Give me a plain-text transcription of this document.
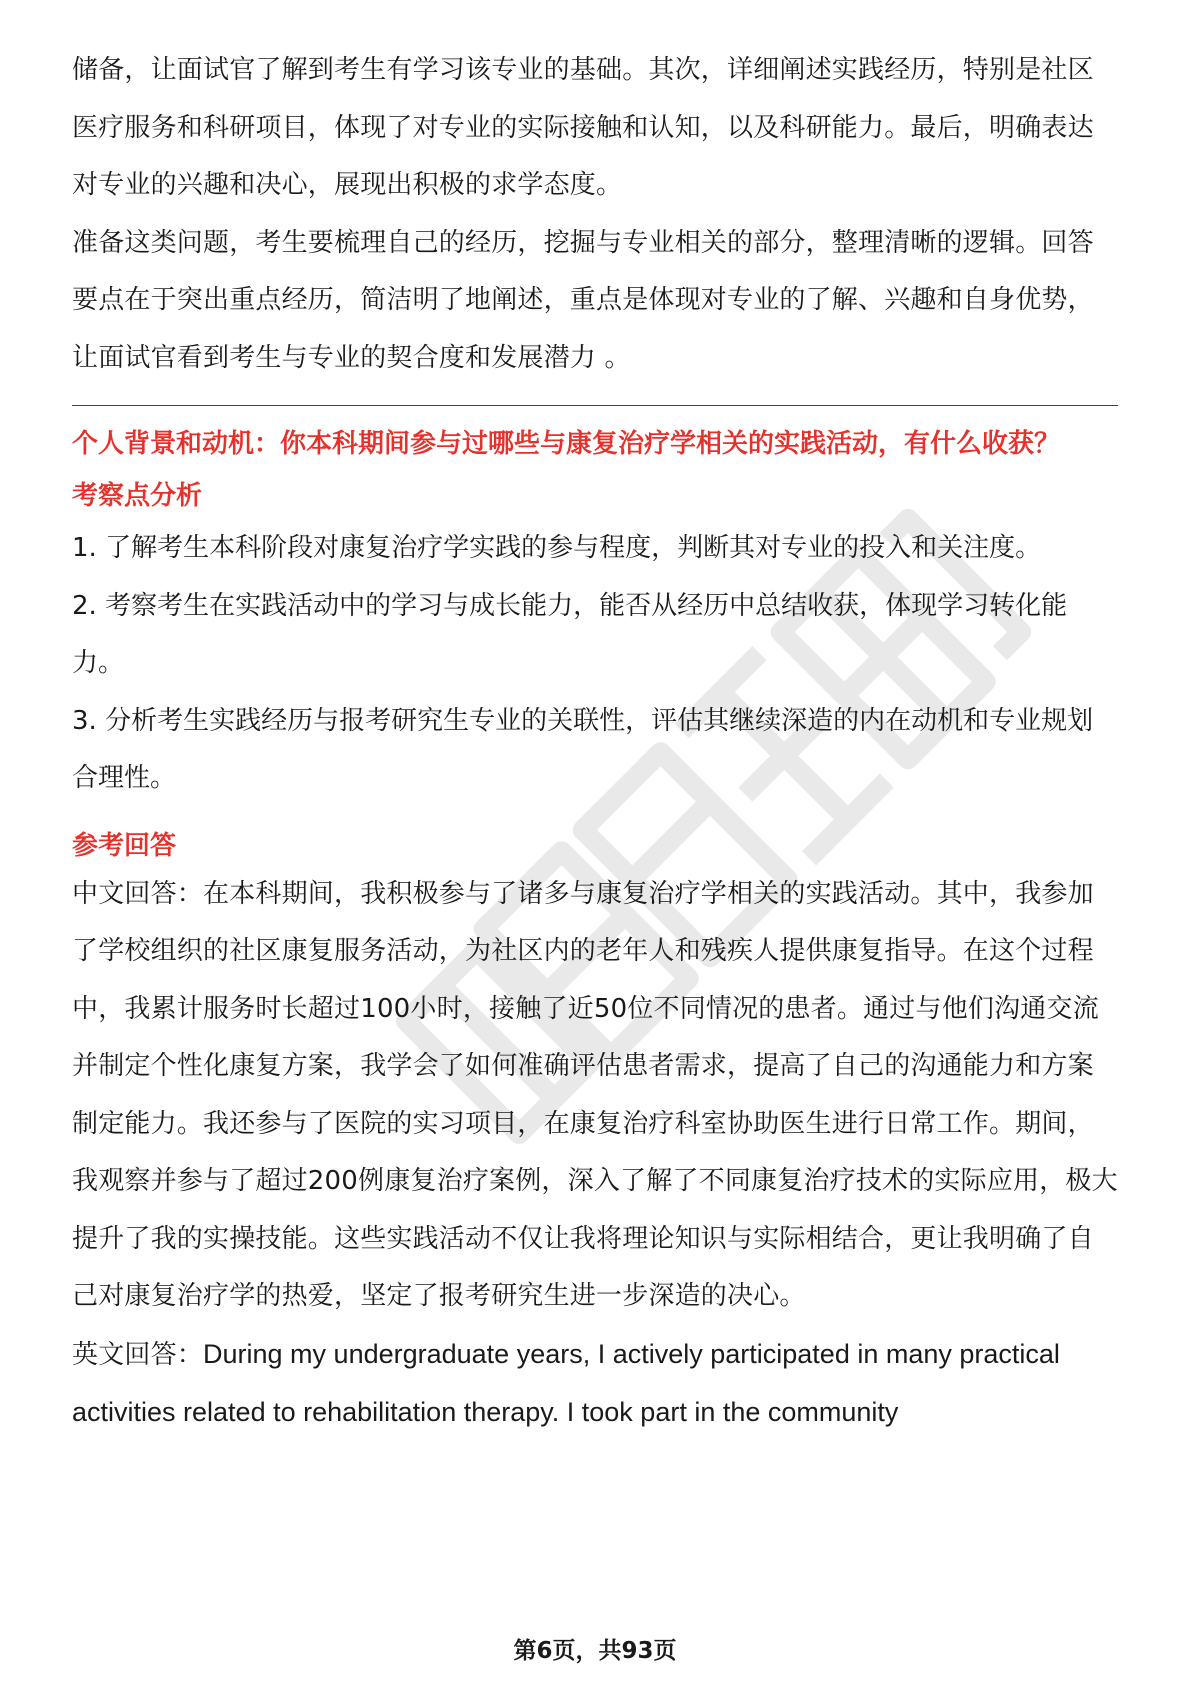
储备，让面试官了解到考生有学习该专业的基础。其次，详细阐述实践经历，特别是社区医疗服务和科研项目，体现了对专业的实际接触和认知，以及科研能力。最后，明确表达对专业的兴趣和决心，展现出积极的求学态度。

准备这类问题，考生要梳理自己的经历，挖掘与专业相关的部分，整理清晰的逻辑。回答要点在于突出重点经历，简洁明了地阐述，重点是体现对专业的了解、兴趣和自身优势，让面试官看到考生与专业的契合度和发展潜力 。

个人背景和动机：你本科期间参与过哪些与康复治疗学相关的实践活动，有什么收获？

考察点分析

1. 了解考生本科阶段对康复治疗学实践的参与程度，判断其对专业的投入和关注度。
2. 考察考生在实践活动中的学习与成长能力，能否从经历中总结收获，体现学习转化能力。
3. 分析考生实践经历与报考研究生专业的关联性，评估其继续深造的内在动机和专业规划合理性。

参考回答

中文回答：在本科期间，我积极参与了诸多与康复治疗学相关的实践活动。其中，我参加了学校组织的社区康复服务活动，为社区内的老年人和残疾人提供康复指导。在这个过程中，我累计服务时长超过100小时，接触了近50位不同情况的患者。通过与他们沟通交流并制定个性化康复方案，我学会了如何准确评估患者需求，提高了自己的沟通能力和方案制定能力。我还参与了医院的实习项目，在康复治疗科室协助医生进行日常工作。期间，我观察并参与了超过200例康复治疗案例，深入了解了不同康复治疗技术的实际应用，极大提升了我的实操技能。这些实践活动不仅让我将理论知识与实际相结合，更让我明确了自己对康复治疗学的热爱，坚定了报考研究生进一步深造的决心。

英文回答：During my undergraduate years, I actively participated in many practical activities related to rehabilitation therapy. I took part in the community

第6页，共93页
